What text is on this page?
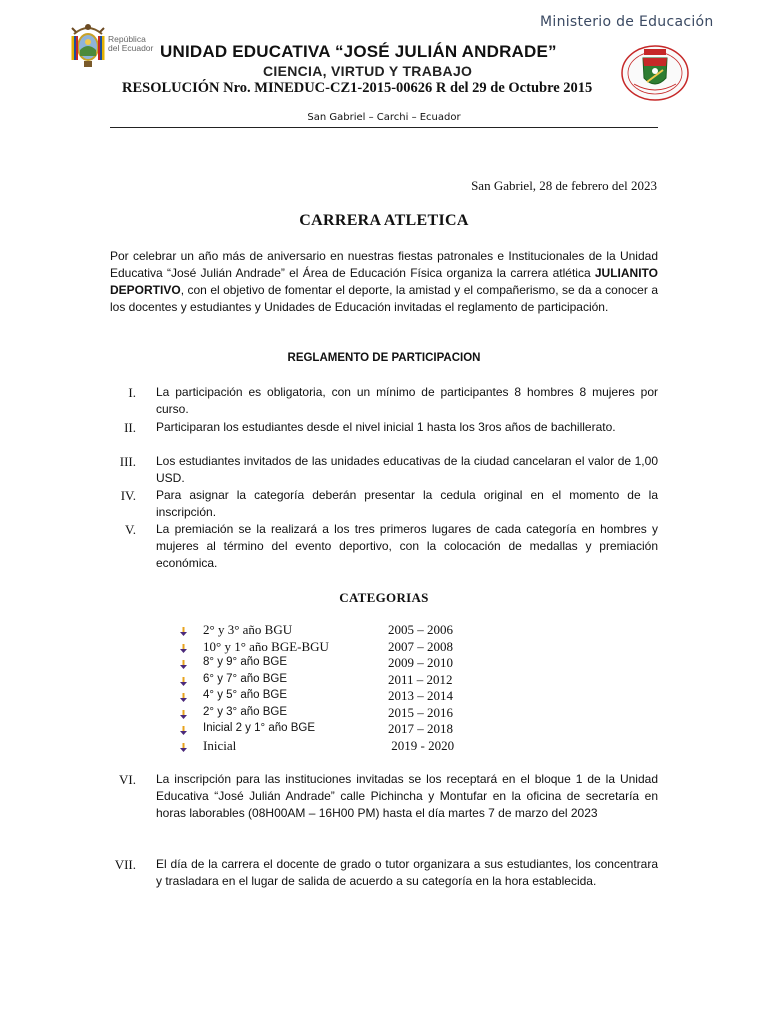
Ministerio de Educación
República
del Ecuador UNIDAD EDUCATIVA “JOSÉ JULIÁN ANDRADE”
CIENCIA, VIRTUD Y TRABAJO
RESOLUCIÓN Nro. MINEDUC-CZ1-2015-00626 R del 29 de Octubre 2015
San Gabriel – Carchi – Ecuador
San Gabriel, 28 de febrero del 2023
CARRERA ATLETICA
Por celebrar un año más de aniversario en nuestras fiestas patronales e Institucionales de la Unidad Educativa “José Julián Andrade” el Área de Educación Física organiza la carrera atlética JULIANITO DEPORTIVO, con el objetivo de fomentar el deporte, la amistad y el compañerismo, se da a conocer a los docentes y estudiantes y Unidades de Educación invitadas el reglamento de participación.
REGLAMENTO DE PARTICIPACION
I. La participación es obligatoria, con un mínimo de participantes 8 hombres 8 mujeres por curso.
II. Participaran los estudiantes desde el nivel inicial 1 hasta los 3ros años de bachillerato.
III. Los estudiantes invitados de las unidades educativas de la ciudad cancelaran el valor de 1,00 USD.
IV. Para asignar la categoría deberán presentar la cedula original en el momento de la inscripción.
V. La premiación se la realizará a los tres primeros lugares de cada categoría en hombres y mujeres al término del evento deportivo, con la colocación de medallas y premiación económica.
CATEGORIAS
2° y 3° año BGU	2005 – 2006
10° y 1° año BGE-BGU	2007 – 2008
8° y 9° año BGE	2009 – 2010
6° y 7° año BGE	2011 – 2012
4° y 5° año BGE	2013 – 2014
2° y 3° año BGE	2015 – 2016
Inicial 2 y 1° año BGE	2017 – 2018
Inicial	2019 - 2020
VI. La inscripción para las instituciones invitadas se los receptará en el bloque 1 de la Unidad Educativa “José Julián Andrade” calle Pichincha y Montufar en la oficina de secretaría en horas laborables (08H00AM – 16H00 PM) hasta el día martes 7 de marzo del 2023
VII. El día de la carrera el docente de grado o tutor organizara a sus estudiantes, los concentrara y trasladara en el lugar de salida de acuerdo a su categoría en la hora establecida.
